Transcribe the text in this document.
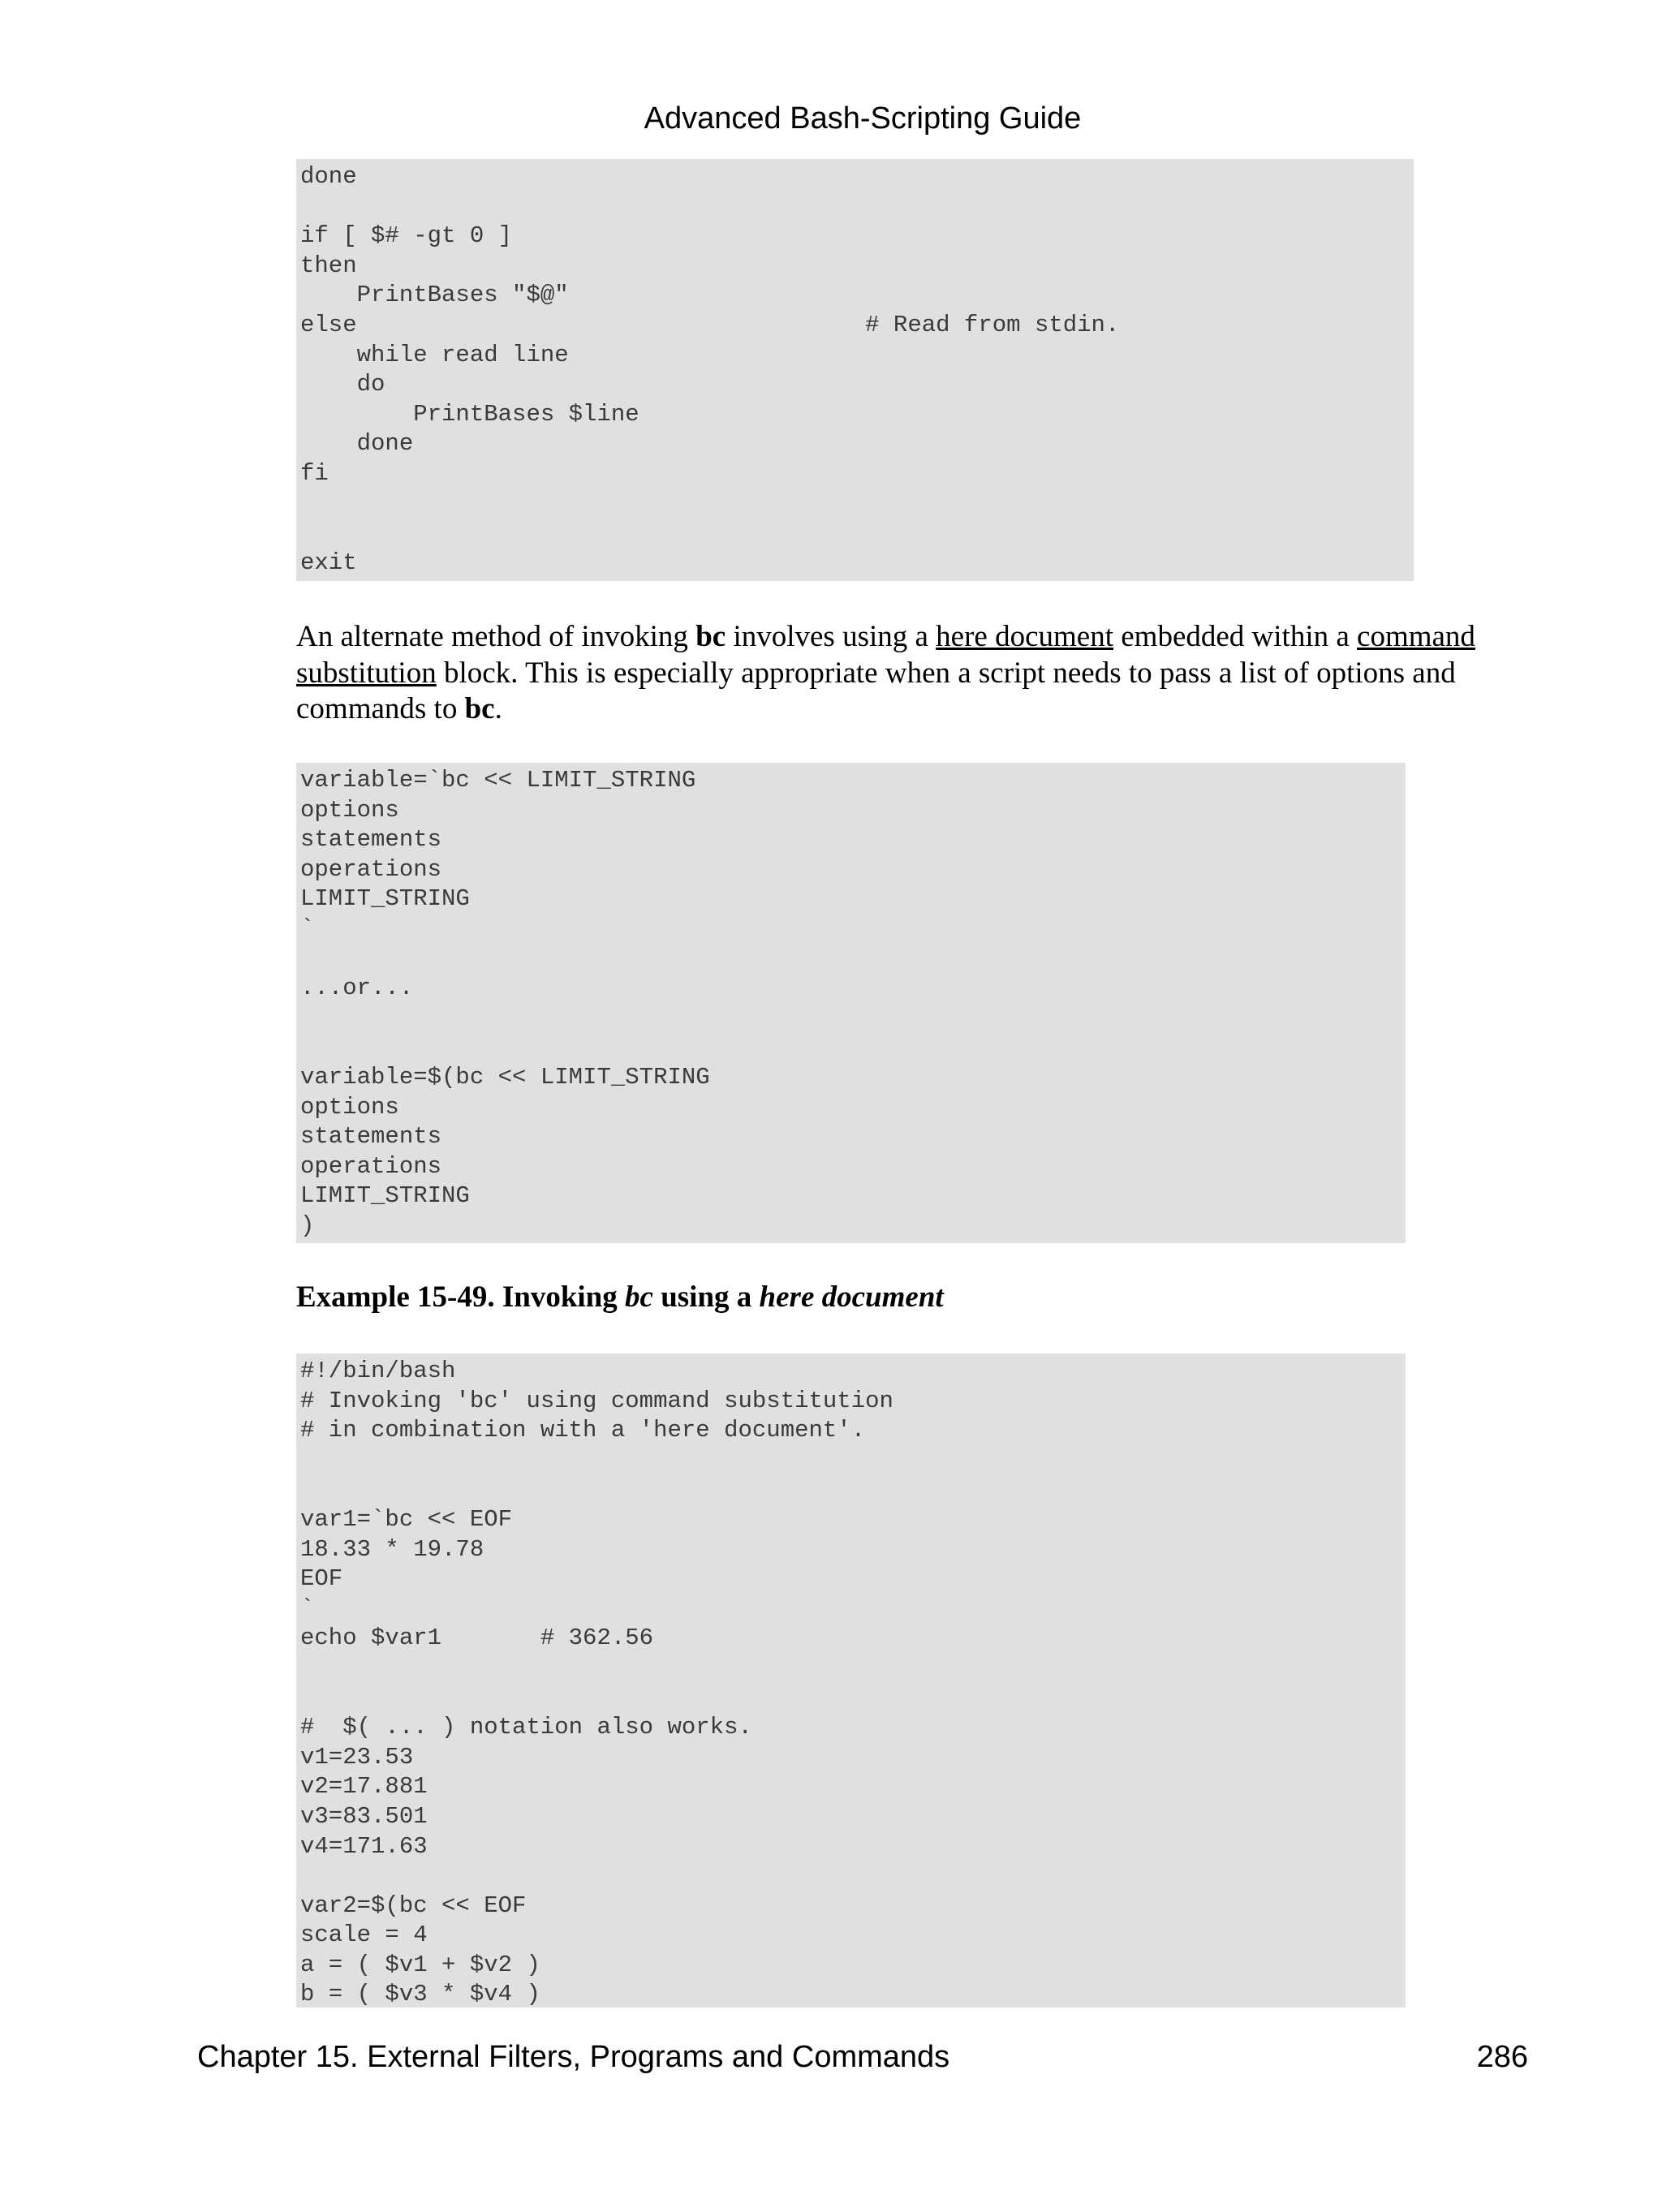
Advanced Bash-Scripting Guide
done

if [ $# -gt 0 ]
then
PrintBases "$@"
else                                    # Read from stdin.
while read line
do
PrintBases $line
done
fi

exit

An alternate method of invoking bc involves using a here document embedded within a command substitution block. This is especially appropriate when a script needs to pass a list of options and commands to bc.

variable=`bc << LIMIT_STRING
options
statements
operations
LIMIT_STRING
`

...or...

variable=$(bc << LIMIT_STRING
options
statements
operations
LIMIT_STRING
)

Example 15-49. Invoking bc using a here document

#!/bin/bash
# Invoking 'bc' using command substitution
# in combination with a 'here document'.

var1=`bc << EOF
18.33 * 19.78
EOF
`
echo $var1       # 362.56

#  $( ... ) notation also works.
v1=23.53
v2=17.881
v3=83.501
v4=171.63

var2=$(bc << EOF
scale = 4
a = ( $v1 + $v2 )
b = ( $v3 * $v4 )
Chapter 15. External Filters, Programs and Commands	286
